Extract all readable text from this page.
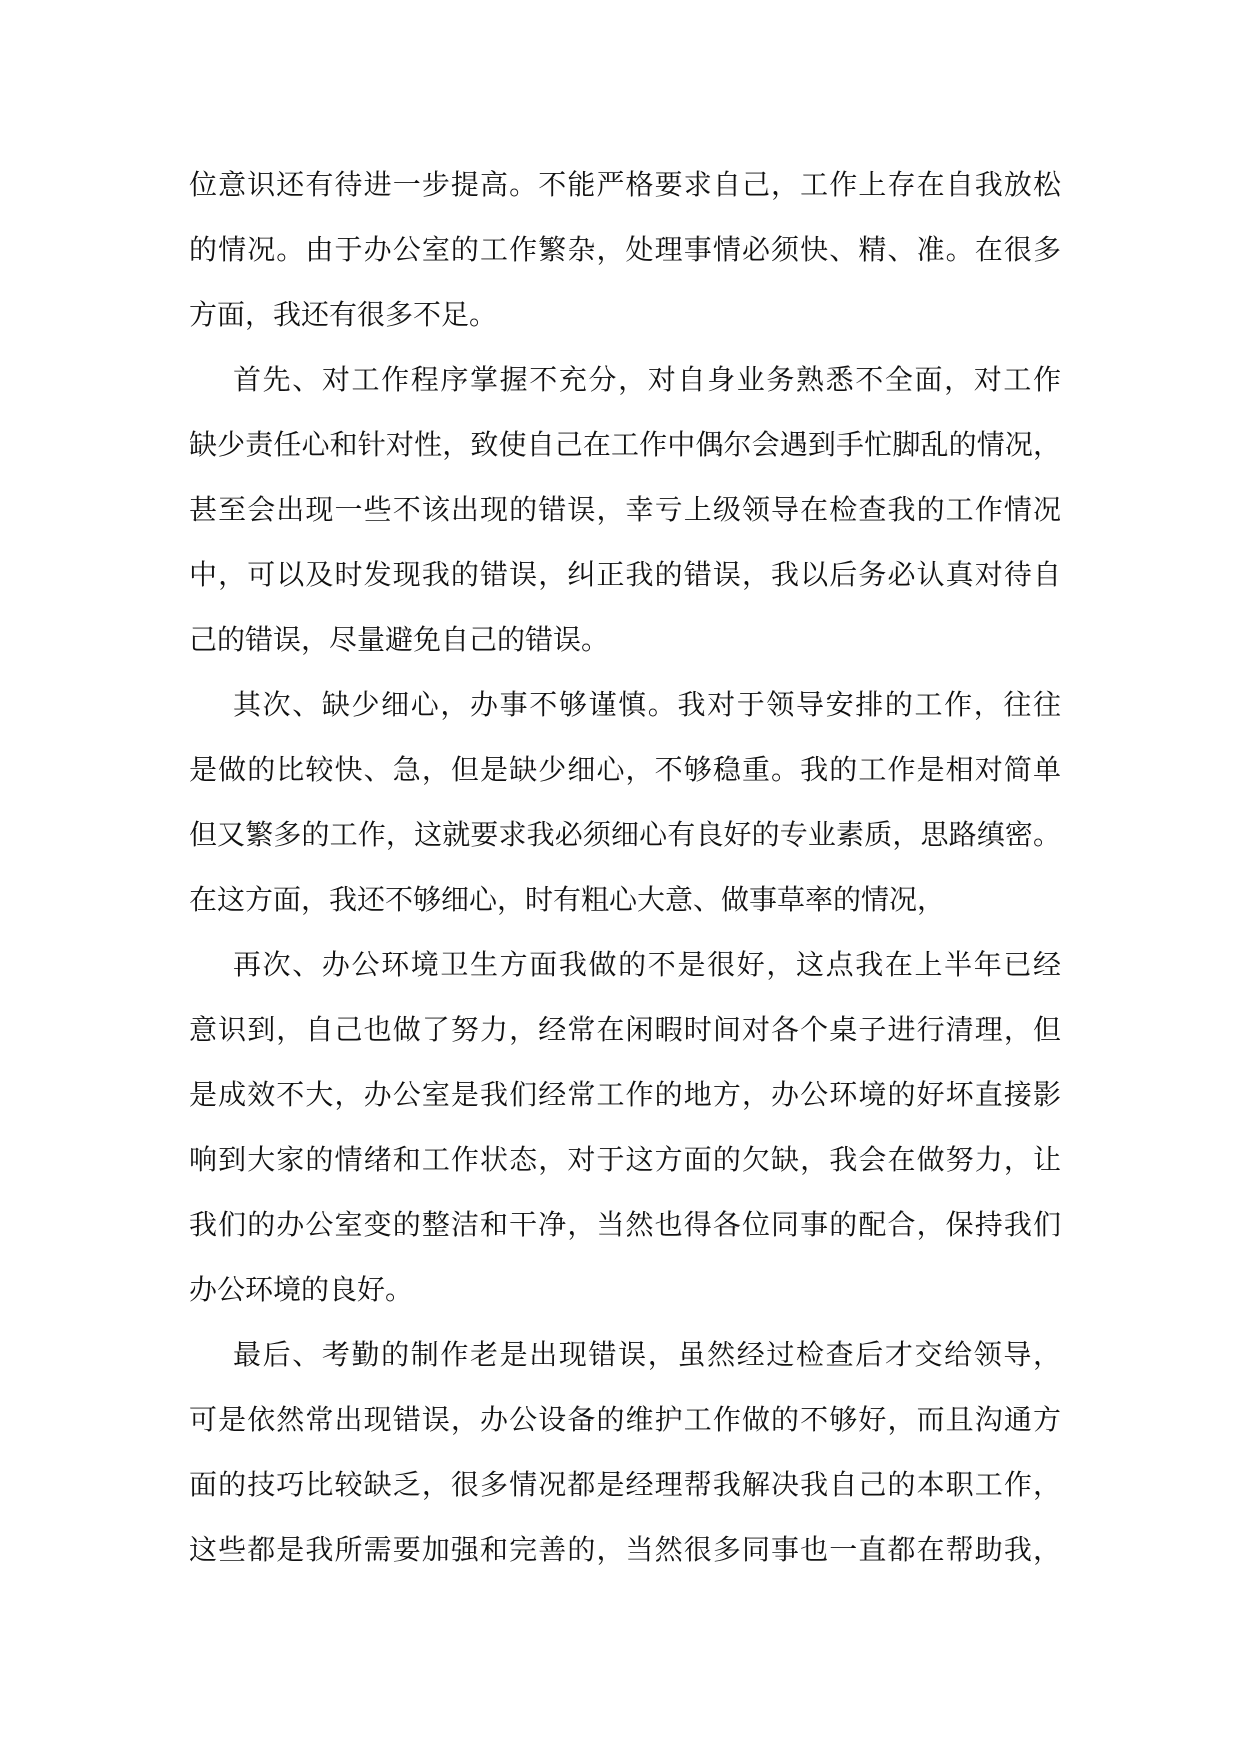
位意识还有待进一步提高。不能严格要求自己，工作上存在自我放松
的情况。由于办公室的工作繁杂，处理事情必须快、精、准。在很多
方面，我还有很多不足。
首先、对工作程序掌握不充分，对自身业务熟悉不全面，对工作
缺少责任心和针对性，致使自己在工作中偶尔会遇到手忙脚乱的情况，
甚至会出现一些不该出现的错误，幸亏上级领导在检查我的工作情况
中，可以及时发现我的错误，纠正我的错误，我以后务必认真对待自
己的错误，尽量避免自己的错误。
其次、缺少细心，办事不够谨慎。我对于领导安排的工作，往往
是做的比较快、急，但是缺少细心，不够稳重。我的工作是相对简单
但又繁多的工作，这就要求我必须细心有良好的专业素质，思路缜密。
在这方面，我还不够细心，时有粗心大意、做事草率的情况，
再次、办公环境卫生方面我做的不是很好，这点我在上半年已经
意识到，自己也做了努力，经常在闲暇时间对各个桌子进行清理，但
是成效不大，办公室是我们经常工作的地方，办公环境的好坏直接影
响到大家的情绪和工作状态，对于这方面的欠缺，我会在做努力，让
我们的办公室变的整洁和干净，当然也得各位同事的配合，保持我们
办公环境的良好。
最后、考勤的制作老是出现错误，虽然经过检查后才交给领导，
可是依然常出现错误，办公设备的维护工作做的不够好，而且沟通方
面的技巧比较缺乏，很多情况都是经理帮我解决我自己的本职工作，
这些都是我所需要加强和完善的，当然很多同事也一直都在帮助我，
